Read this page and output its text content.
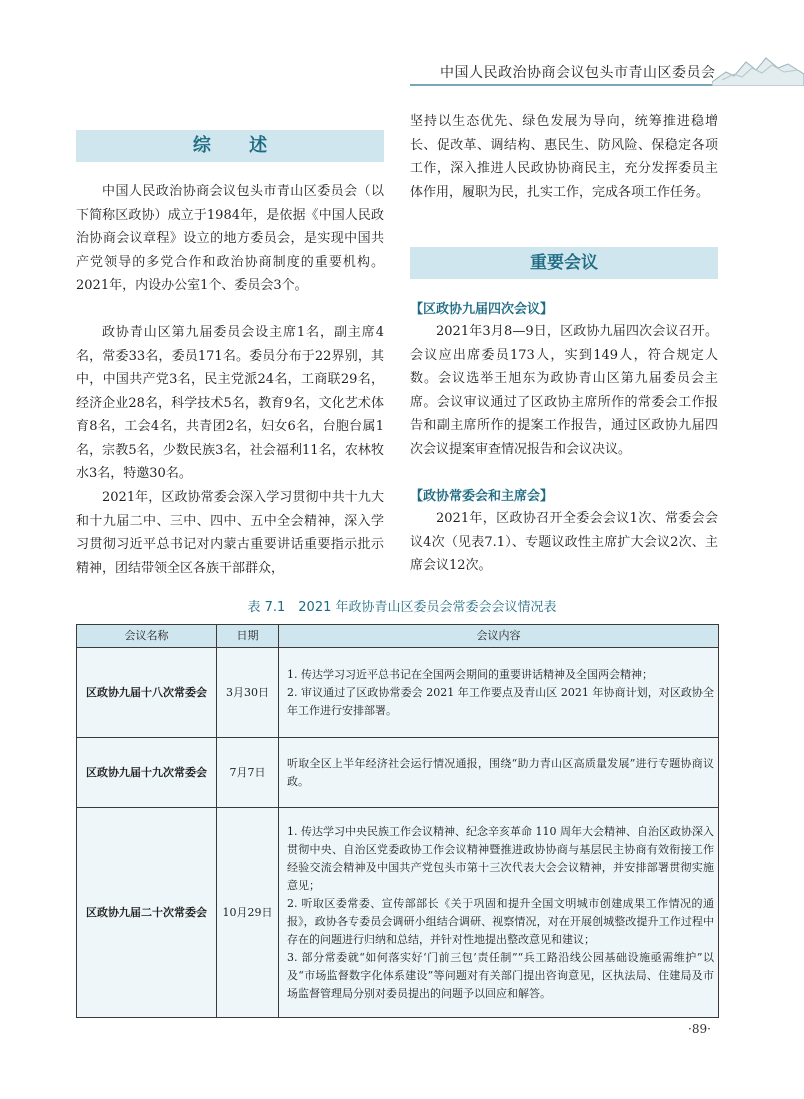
中国人民政治协商会议包头市青山区委员会
综 述

中国人民政治协商会议包头市青山区委员会（以下简称区政协）成立于1984年，是依据《中国人民政治协商会议章程》设立的地方委员会，是实现中国共产党领导的多党合作和政治协商制度的重要机构。2021年，内设办公室1个、委员会3个。

政协青山区第九届委员会设主席1名，副主席4名，常委33名，委员171名。委员分布于22界别，其中，中国共产党3名，民主党派24名，工商联29名，经济企业28名，科学技术5名，教育9名，文化艺术体育8名，工会4名，共青团2名，妇女6名，台胞台属1名，宗教5名，少数民族3名，社会福利11名，农林牧水3名，特邀30名。

2021年，区政协常委会深入学习贯彻中共十九大和十九届二中、三中、四中、五中全会精神，深入学习贯彻习近平总书记对内蒙古重要讲话重要指示批示精神，团结带领全区各族干部群众，

坚持以生态优先、绿色发展为导向，统筹推进稳增长、促改革、调结构、惠民生、防风险、保稳定各项工作，深入推进人民政协协商民主，充分发挥委员主体作用，履职为民，扎实工作，完成各项工作任务。

重要会议

【区政协九届四次会议】

2021年3月8—9日，区政协九届四次会议召开。会议应出席委员173人，实到149人，符合规定人数。会议选举王旭东为政协青山区第九届委员会主席。会议审议通过了区政协主席所作的常委会工作报告和副主席所作的提案工作报告，通过区政协九届四次会议提案审查情况报告和会议决议。

【政协常委会和主席会】

2021年，区政协召开全委会会议1次、常委会会议4次（见表7.1）、专题议政性主席扩大会议2次、主席会议12次。

表 7.1　2021 年政协青山区委员会常委会会议情况表
会议名称	日期	会议内容
区政协九届十八次常委会	3月30日	1. 传达学习习近平总书记在全国两会期间的重要讲话精神及全国两会精神；
2. 审议通过了区政协常委会 2021 年工作要点及青山区 2021 年协商计划，对区政协全年工作进行安排部署。

区政协九届十九次常委会	7月7日	听取全区上半年经济社会运行情况通报，围绕“助力青山区高质量发展”进行专题协商议政。

区政协九届二十次常委会	10月29日	1. 传达学习中央民族工作会议精神、纪念辛亥革命 110 周年大会精神、自治区政协深入贯彻中央、自治区党委政协工作会议精神暨推进政协协商与基层民主协商有效衔接工作经验交流会精神及中国共产党包头市第十三次代表大会会议精神，并安排部署贯彻实施意见；
2. 听取区委常委、宣传部部长《关于巩固和提升全国文明城市创建成果工作情况的通报》，政协各专委员会调研小组结合调研、视察情况，对在开展创城整改提升工作过程中存在的问题进行归纳和总结，并针对性地提出整改意见和建议；
3. 部分常委就“如何落实好‘门前三包’责任制”“兵工路沿线公园基础设施亟需维护”以及“市场监督数字化体系建设”等问题对有关部门提出咨询意见，区执法局、住建局及市场监督管理局分别对委员提出的问题予以回应和解答。
·89·
